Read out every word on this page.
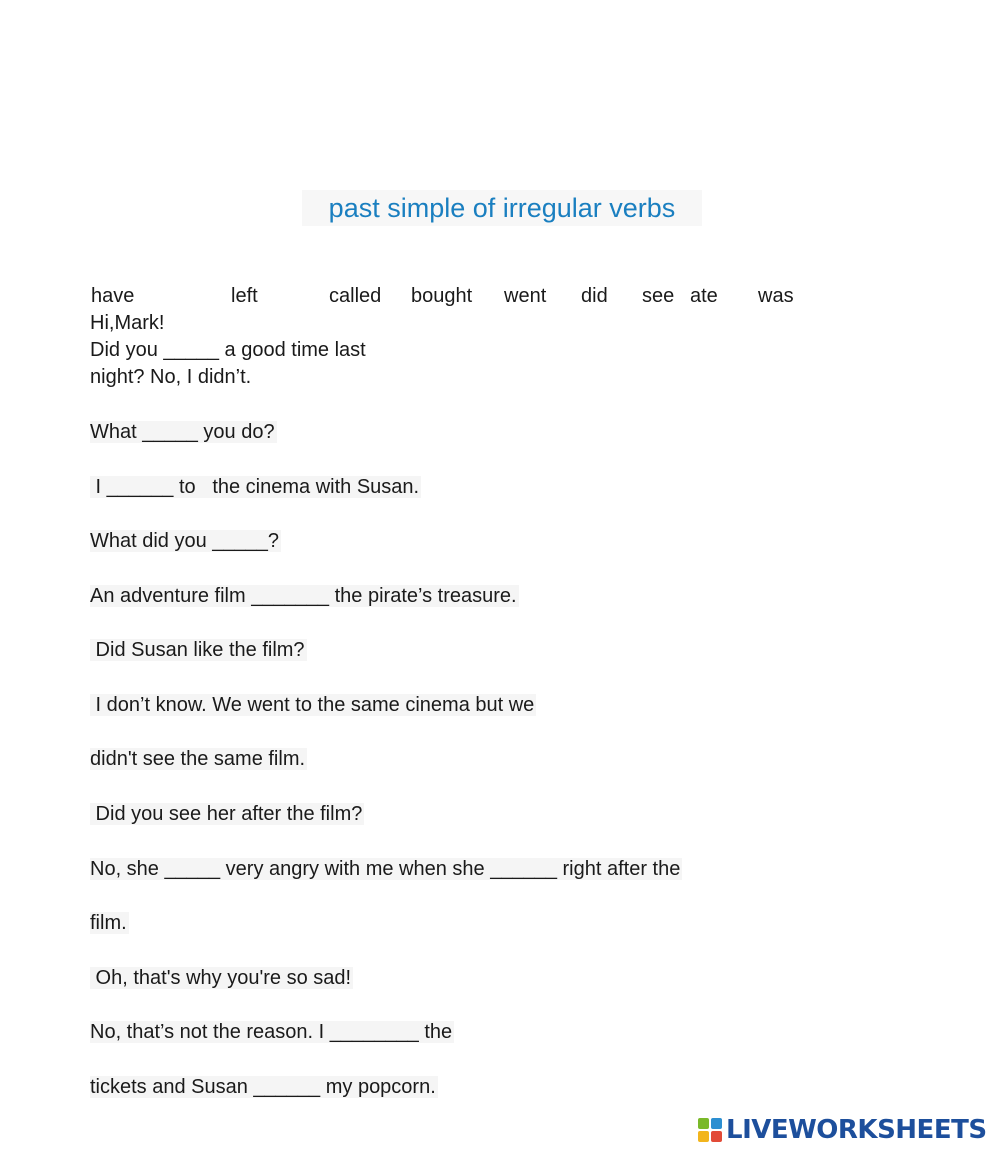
past simple of irregular verbs
have	left	called bought went did see ate was
Hi,Mark!
Did you _____ a good time last
night? No, I didn’t.
What _____ you do?
I ______ to   the cinema with Susan.
What did you _____?
An adventure film _______ the pirate’s treasure.
Did Susan like the film?
I don’t know. We went to the same cinema but we
didn't see the same film.
Did you see her after the film?
No, she _____ very angry with me when she ______ right after the
film.
Oh, that's why you're so sad!
No, that’s not the reason. I ________ the
tickets and Susan ______ my popcorn.
LIVEWORKSHEETS
